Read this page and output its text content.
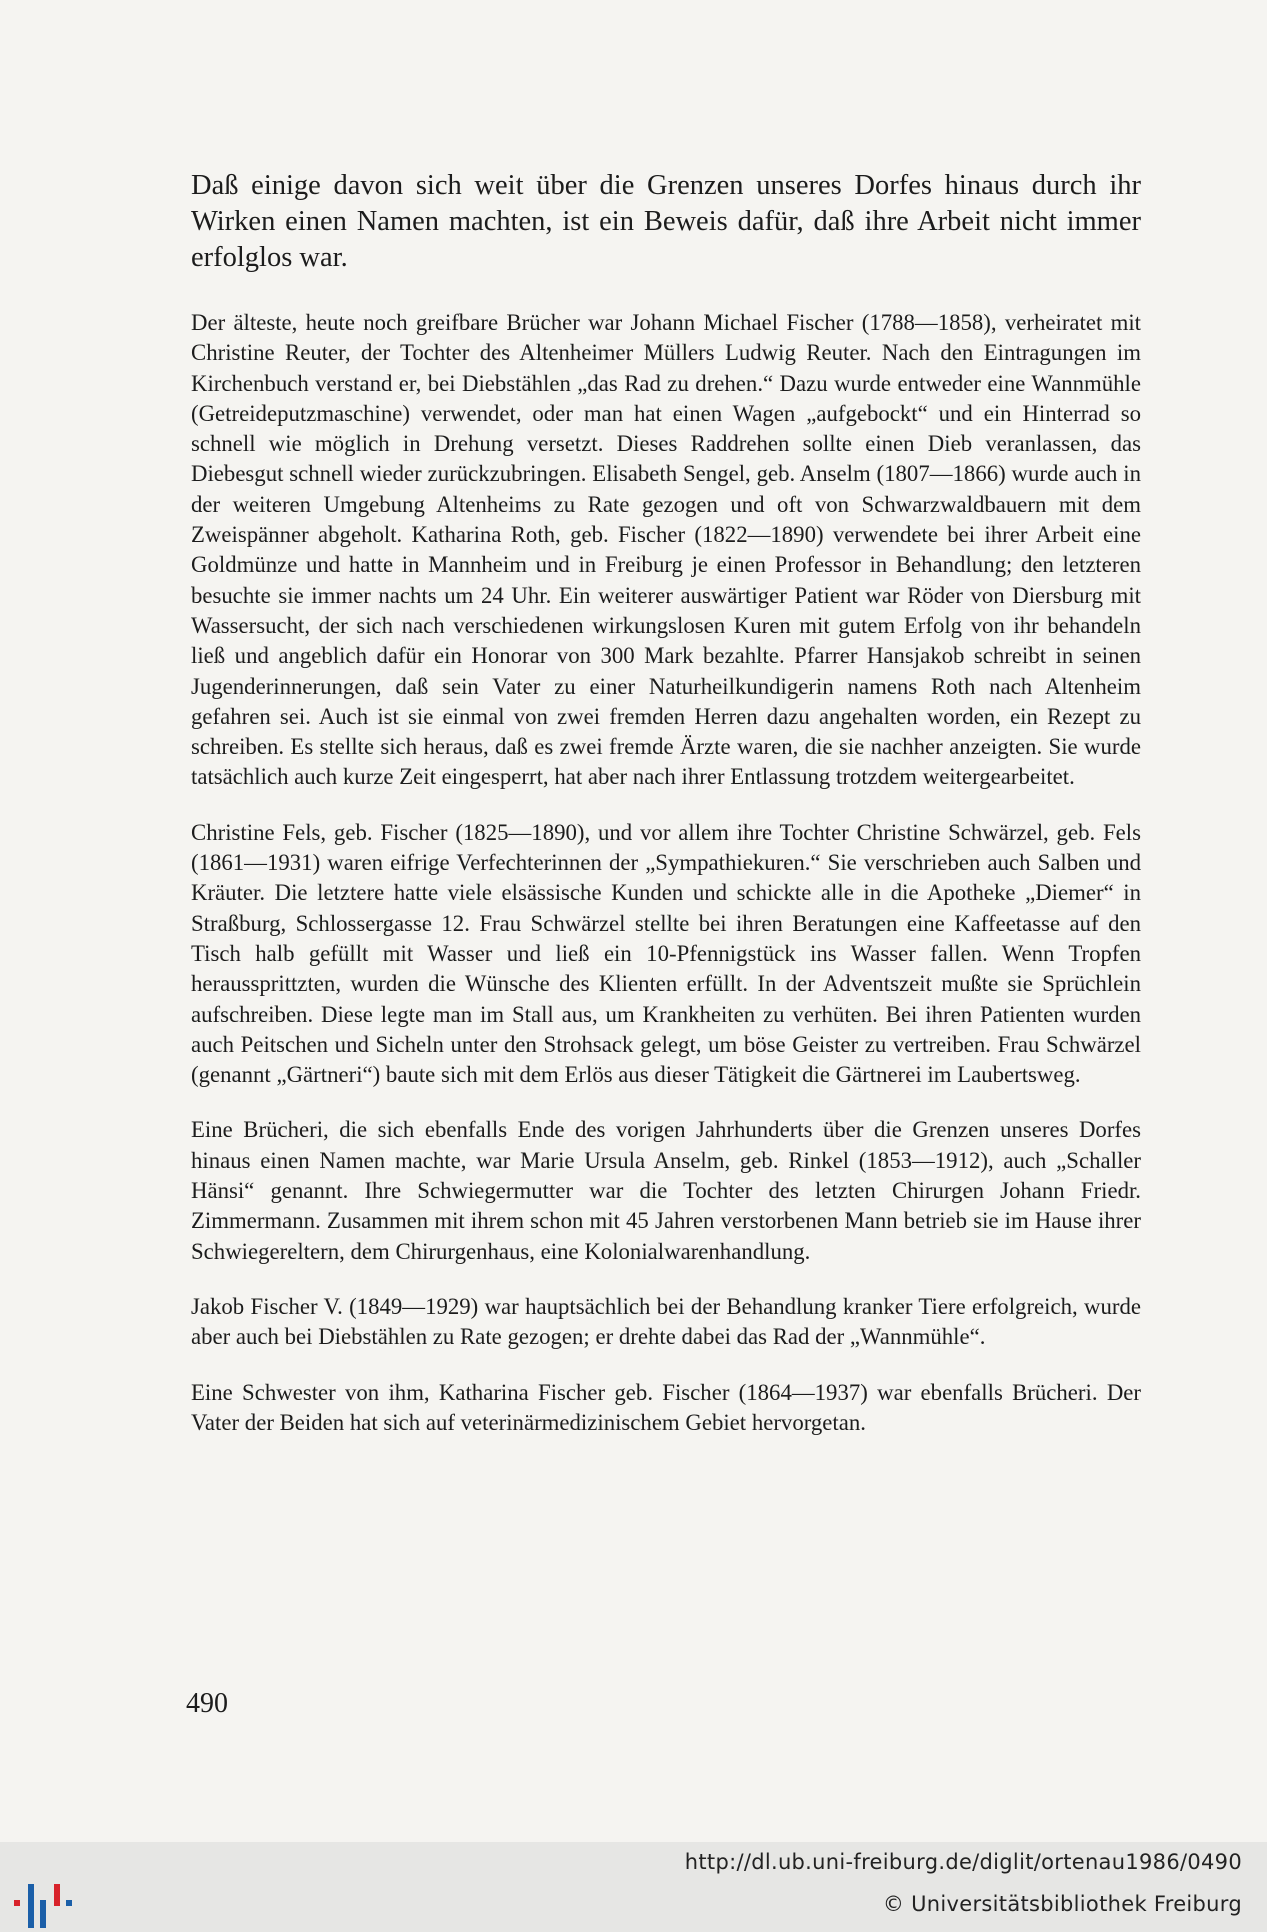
Daß einige davon sich weit über die Grenzen unseres Dorfes hinaus durch ihr Wirken einen Namen machten, ist ein Beweis dafür, daß ihre Arbeit nicht immer erfolglos war.

Der älteste, heute noch greifbare Brücher war Johann Michael Fischer (1788—1858), verheiratet mit Christine Reuter, der Tochter des Altenheimer Müllers Ludwig Reuter. Nach den Eintragungen im Kirchenbuch verstand er, bei Diebstählen „das Rad zu drehen.“ Dazu wurde entweder eine Wannmühle (Getreideputzmaschine) verwendet, oder man hat einen Wagen „aufgebockt“ und ein Hinterrad so schnell wie möglich in Drehung versetzt. Dieses Raddrehen sollte einen Dieb veranlassen, das Diebesgut schnell wieder zurückzubringen. Elisabeth Sengel, geb. Anselm (1807—1866) wurde auch in der weiteren Umgebung Altenheims zu Rate gezogen und oft von Schwarzwaldbauern mit dem Zweispänner abgeholt. Katharina Roth, geb. Fischer (1822—1890) verwendete bei ihrer Arbeit eine Goldmünze und hatte in Mannheim und in Freiburg je einen Professor in Behandlung; den letzteren besuchte sie immer nachts um 24 Uhr. Ein weiterer auswärtiger Patient war Röder von Diersburg mit Wassersucht, der sich nach verschiedenen wirkungslosen Kuren mit gutem Erfolg von ihr behandeln ließ und angeblich dafür ein Honorar von 300 Mark bezahlte. Pfarrer Hansjakob schreibt in seinen Jugenderinnerungen, daß sein Vater zu einer Naturheilkundigerin namens Roth nach Altenheim gefahren sei. Auch ist sie einmal von zwei fremden Herren dazu angehalten worden, ein Rezept zu schreiben. Es stellte sich heraus, daß es zwei fremde Ärzte waren, die sie nachher anzeigten. Sie wurde tatsächlich auch kurze Zeit eingesperrt, hat aber nach ihrer Entlassung trotzdem weitergearbeitet.

Christine Fels, geb. Fischer (1825—1890), und vor allem ihre Tochter Christine Schwärzel, geb. Fels (1861—1931) waren eifrige Verfechterinnen der „Sympathiekuren.“ Sie verschrieben auch Salben und Kräuter. Die letztere hatte viele elsässische Kunden und schickte alle in die Apotheke „Diemer“ in Straßburg, Schlossergasse 12. Frau Schwärzel stellte bei ihren Beratungen eine Kaffeetasse auf den Tisch halb gefüllt mit Wasser und ließ ein 10-Pfennigstück ins Wasser fallen. Wenn Tropfen heraussprittzten, wurden die Wünsche des Klienten erfüllt. In der Adventszeit mußte sie Sprüchlein aufschreiben. Diese legte man im Stall aus, um Krankheiten zu verhüten. Bei ihren Patienten wurden auch Peitschen und Sicheln unter den Strohsack gelegt, um böse Geister zu vertreiben. Frau Schwärzel (genannt „Gärtneri“) baute sich mit dem Erlös aus dieser Tätigkeit die Gärtnerei im Laubertsweg.

Eine Brücheri, die sich ebenfalls Ende des vorigen Jahrhunderts über die Grenzen unseres Dorfes hinaus einen Namen machte, war Marie Ursula Anselm, geb. Rinkel (1853—1912), auch „Schaller Hänsi“ genannt. Ihre Schwiegermutter war die Tochter des letzten Chirurgen Johann Friedr. Zimmermann. Zusammen mit ihrem schon mit 45 Jahren verstorbenen Mann betrieb sie im Hause ihrer Schwiegereltern, dem Chirurgenhaus, eine Kolonialwarenhandlung.

Jakob Fischer V. (1849—1929) war hauptsächlich bei der Behandlung kranker Tiere erfolgreich, wurde aber auch bei Diebstählen zu Rate gezogen; er drehte dabei das Rad der „Wannmühle“.

Eine Schwester von ihm, Katharina Fischer geb. Fischer (1864—1937) war ebenfalls Brücheri. Der Vater der Beiden hat sich auf veterinärmedizinischem Gebiet hervorgetan.

490
http://dl.ub.uni-freiburg.de/diglit/ortenau1986/0490
© Universitätsbibliothek Freiburg
